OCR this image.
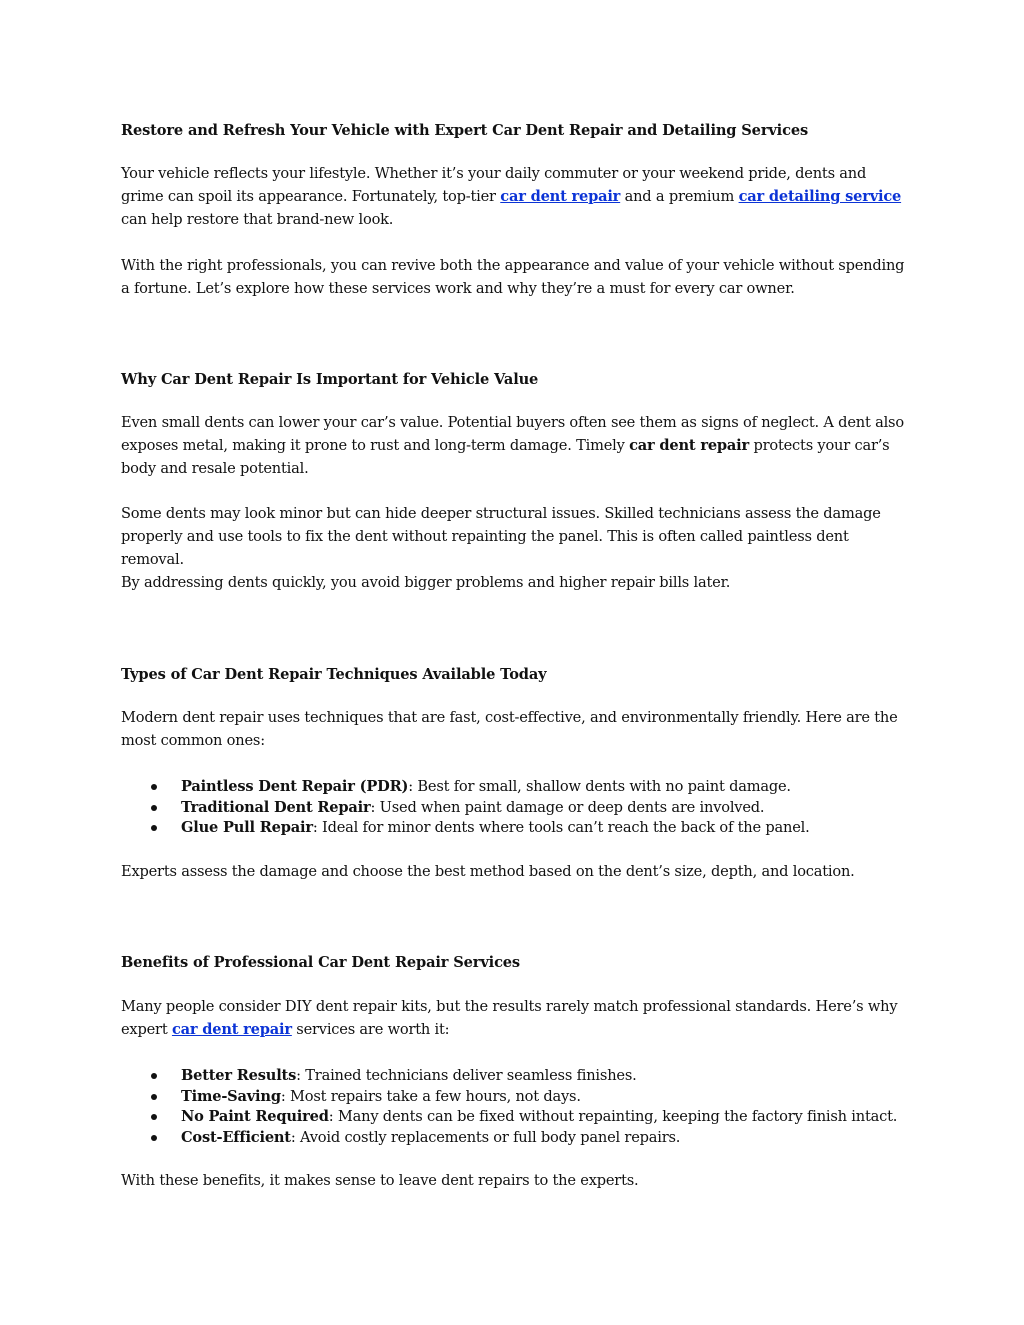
Restore and Refresh Your Vehicle with Expert Car Dent Repair and Detailing Services

Your vehicle reflects your lifestyle. Whether it’s your daily commuter or your weekend pride, dents and grime can spoil its appearance. Fortunately, top-tier car dent repair and a premium car detailing service can help restore that brand-new look.

With the right professionals, you can revive both the appearance and value of your vehicle without spending a fortune. Let’s explore how these services work and why they’re a must for every car owner.

Why Car Dent Repair Is Important for Vehicle Value

Even small dents can lower your car’s value. Potential buyers often see them as signs of neglect. A dent also exposes metal, making it prone to rust and long-term damage. Timely car dent repair protects your car’s body and resale potential.

Some dents may look minor but can hide deeper structural issues. Skilled technicians assess the damage properly and use tools to fix the dent without repainting the panel. This is often called paintless dent removal.

By addressing dents quickly, you avoid bigger problems and higher repair bills later.

Types of Car Dent Repair Techniques Available Today

Modern dent repair uses techniques that are fast, cost-effective, and environmentally friendly. Here are the most common ones:

Paintless Dent Repair (PDR): Best for small, shallow dents with no paint damage.
Traditional Dent Repair: Used when paint damage or deep dents are involved.
Glue Pull Repair: Ideal for minor dents where tools can’t reach the back of the panel.

Experts assess the damage and choose the best method based on the dent’s size, depth, and location.

Benefits of Professional Car Dent Repair Services

Many people consider DIY dent repair kits, but the results rarely match professional standards. Here’s why expert car dent repair services are worth it:

Better Results: Trained technicians deliver seamless finishes.
Time-Saving: Most repairs take a few hours, not days.
No Paint Required: Many dents can be fixed without repainting, keeping the factory finish intact.
Cost-Efficient: Avoid costly replacements or full body panel repairs.

With these benefits, it makes sense to leave dent repairs to the experts.
